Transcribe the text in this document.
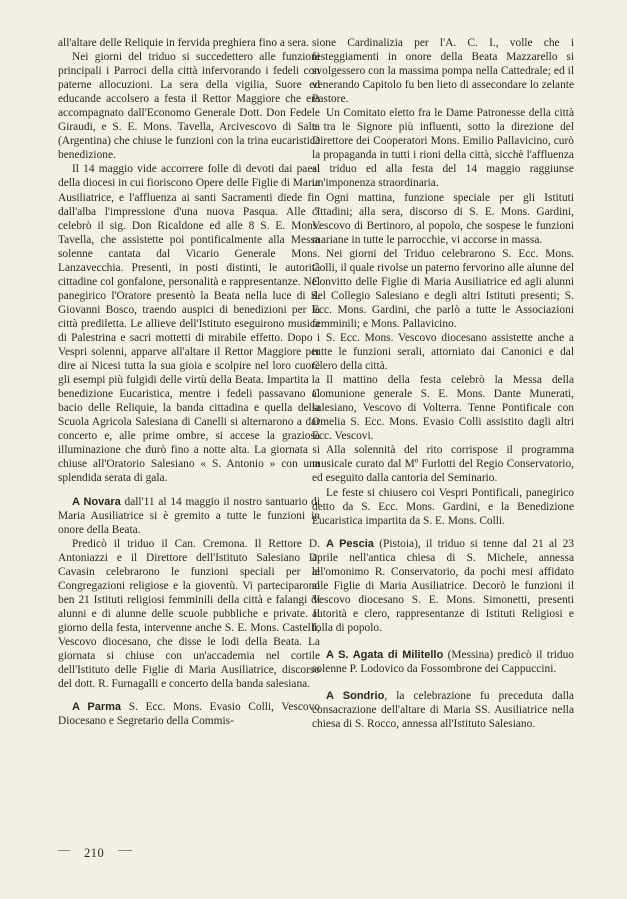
all'altare delle Reliquie in fervida preghiera fino a sera.

Nei giorni del triduo si succedettero alle funzioni principali i Parroci della città infervorando i fedeli con paterne allocuzioni. La sera della vigilia, Suore ed educande accolsero a festa il Rettor Maggiore che era accompagnato dall'Economo Generale Dott. Don Fedele Giraudi, e S. E. Mons. Tavella, Arcivescovo di Salta (Argentina) che chiuse le funzioni con la trina eucaristica benedizione.

Il 14 maggio vide accorrere folle di devoti dai paesi della diocesi in cui fioriscono Opere delle Figlie di Maria Ausiliatrice, e l'affluenza ai santi Sacramenti diede fin dall'alba l'impressione d'una nuova Pasqua. Alle 7 celebrò il sig. Don Ricaldone ed alle 8 S. E. Mons. Tavella, che assistette poi pontificalmente alla Messa solenne cantata dal Vicario Generale Mons. Lanzavecchia. Presenti, in posti distinti, le autorità cittadine col gonfalone, personalità e rappresentanze. Nel panegirico l'Oratore presentò la Beata nella luce di S. Giovanni Bosco, traendo auspici di benedizioni per la città prediletta. Le allieve dell'Istituto eseguirono musica di Palestrina e sacri mottetti di mirabile effetto. Dopo i Vespri solenni, apparve all'altare il Rettor Maggiore per dire ai Nicesi tutta la sua gioia e scolpire nel loro cuore gli esempi più fulgidi delle virtù della Beata. Impartita la benedizione Eucaristica, mentre i fedeli passavano al bacio delle Reliquie, la banda cittadina e quella della Scuola Agricola Salesiana di Canelli si alternarono a dar concerto e, alle prime ombre, si accese la graziosa illuminazione che durò fino a notte alta. La giornata si chiuse all'Oratorio Salesiano « S. Antonio » con una splendida serata di gala.

A Novara dall'11 al 14 maggio il nostro santuario di Maria Ausiliatrice si è gremito a tutte le funzioni in onore della Beata.

Predicò il triduo il Can. Cremona. Il Rettore D. Antoniazzi e il Direttore dell'Istituto Salesiano D. Cavasin celebrarono le funzioni speciali per le Congregazioni religiose e la gioventù. Vi parteciparono ben 21 Istituti religiosi femminili della città e falangi di alunni e di alunne delle scuole pubbliche e private. Il giorno della festa, intervenne anche S. E. Mons. Castelli, Vescovo diocesano, che disse le lodi della Beata. La giornata si chiuse con un'accademia nel cortile dell'Istituto delle Figlie di Maria Ausiliatrice, discorso del dott. R. Furnagalli e concerto della banda salesiana.

A Parma S. Ecc. Mons. Evasio Colli, Vescovo Diocesano e Segretario della Commis-

sione Cardinalizia per l'A. C. I., volle che i festeggiamenti in onore della Beata Mazzarello si svolgessero con la massima pompa nella Cattedrale; ed il venerando Capitolo fu ben lieto di assecondare lo zelante Pastore.

Un Comitato eletto fra le Dame Patronesse della città e tra le Signore più influenti, sotto la direzione del Direttore dei Cooperatori Mons. Emilio Pallavicino, curò la propaganda in tutti i rioni della città, sicchè l'affluenza al triduo ed alla festa del 14 maggio raggiunse un'imponenza straordinaria.

Ogni mattina, funzione speciale per gli Istituti cittadini; alla sera, discorso di S. E. Mons. Gardini, Vescovo di Bertinoro, al popolo, che sospese le funzioni mariane in tutte le parrocchie, vi accorse in massa.

Nei giorni del Triduo celebrarono S. Ecc. Mons. Colli, il quale rivolse un paterno fervorino alle alunne del Convitto delle Figlie di Maria Ausiliatrice ed agli alunni del Collegio Salesiano e degli altri Istituti presenti; S. Ecc. Mons. Gardini, che parlò a tutte le Associazioni femminili; e Mons. Pallavicino.

S. Ecc. Mons. Vescovo diocesano assistette anche a tutte le funzioni serali, attorniato dai Canonici e dal Clero della città.

Il mattino della festa celebrò la Messa della Comunione generale S. E. Mons. Dante Munerati, salesiano, Vescovo di Volterra. Tenne Pontificale con Omelia S. Ecc. Mons. Evasio Colli assistito dagli altri Ecc. Vescovi.

Alla solennità del rito corrispose il programma musicale curato dal Mº Furlotti del Regio Conservatorio, ed eseguito dalla cantoria del Seminario.

Le feste si chiusero coi Vespri Pontificali, panegirico detto da S. Ecc. Mons. Gardini, e la Benedizione Eucaristica impartita da S. E. Mons. Colli.

A Pescia (Pistoia), il triduo si tenne dal 21 al 23 aprile nell'antica chiesa di S. Michele, annessa all'omonimo R. Conservatorio, da pochi mesi affidato alle Figlie di Maria Ausiliatrice. Decorò le funzioni il Vescovo diocesano S. E. Mons. Simonetti, presenti autorità e clero, rappresentanze di Istituti Religiosi e folla di popolo.

A S. Agata di Militello (Messina) predicò il triduo solenne P. Lodovico da Fossombrone dei Cappuccini.

A Sondrio, la celebrazione fu preceduta dalla consacrazione dell'altare di Maria SS. Ausiliatrice nella chiesa di S. Rocco, annessa all'Istituto Salesiano.

210
